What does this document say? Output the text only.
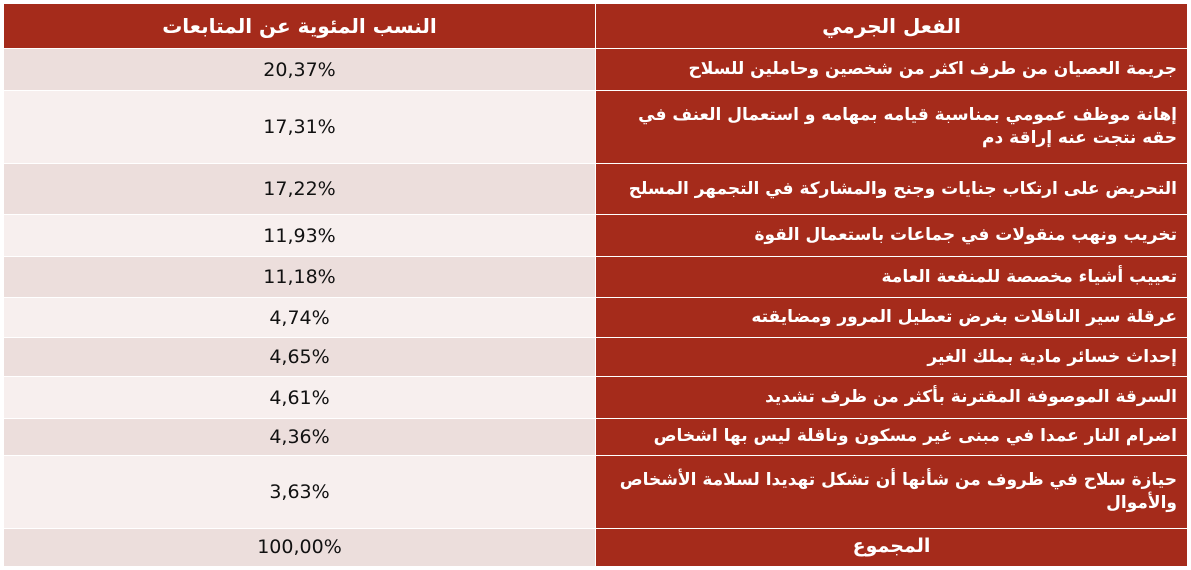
الفعل الجرمي	النسب المئوية عن المتابعات
جريمة العصيان من طرف اكثر من شخصين وحاملين للسلاح	20,37%
إهانة موظف عمومي بمناسبة قيامه بمهامه و استعمال العنف في حقه نتجت عنه إراقة دم	17,31%
التحريض على ارتكاب جنايات وجنح والمشاركة في التجمهر المسلح	17,22%
تخريب ونهب منقولات في جماعات باستعمال القوة	11,93%
تعييب أشياء مخصصة للمنفعة العامة	11,18%
عرقلة سير الناقلات بغرض تعطيل المرور ومضايقته	4,74%
إحداث خسائر مادية بملك الغير	4,65%
السرقة الموصوفة المقترنة بأكثر من ظرف تشديد	4,61%
اضرام النار عمدا في مبنى غير مسكون وناقلة ليس بها اشخاص	4,36%
حيازة سلاح في ظروف من شأنها أن تشكل تهديدا لسلامة الأشخاص والأموال	3,63%
المجموع	100,00%
